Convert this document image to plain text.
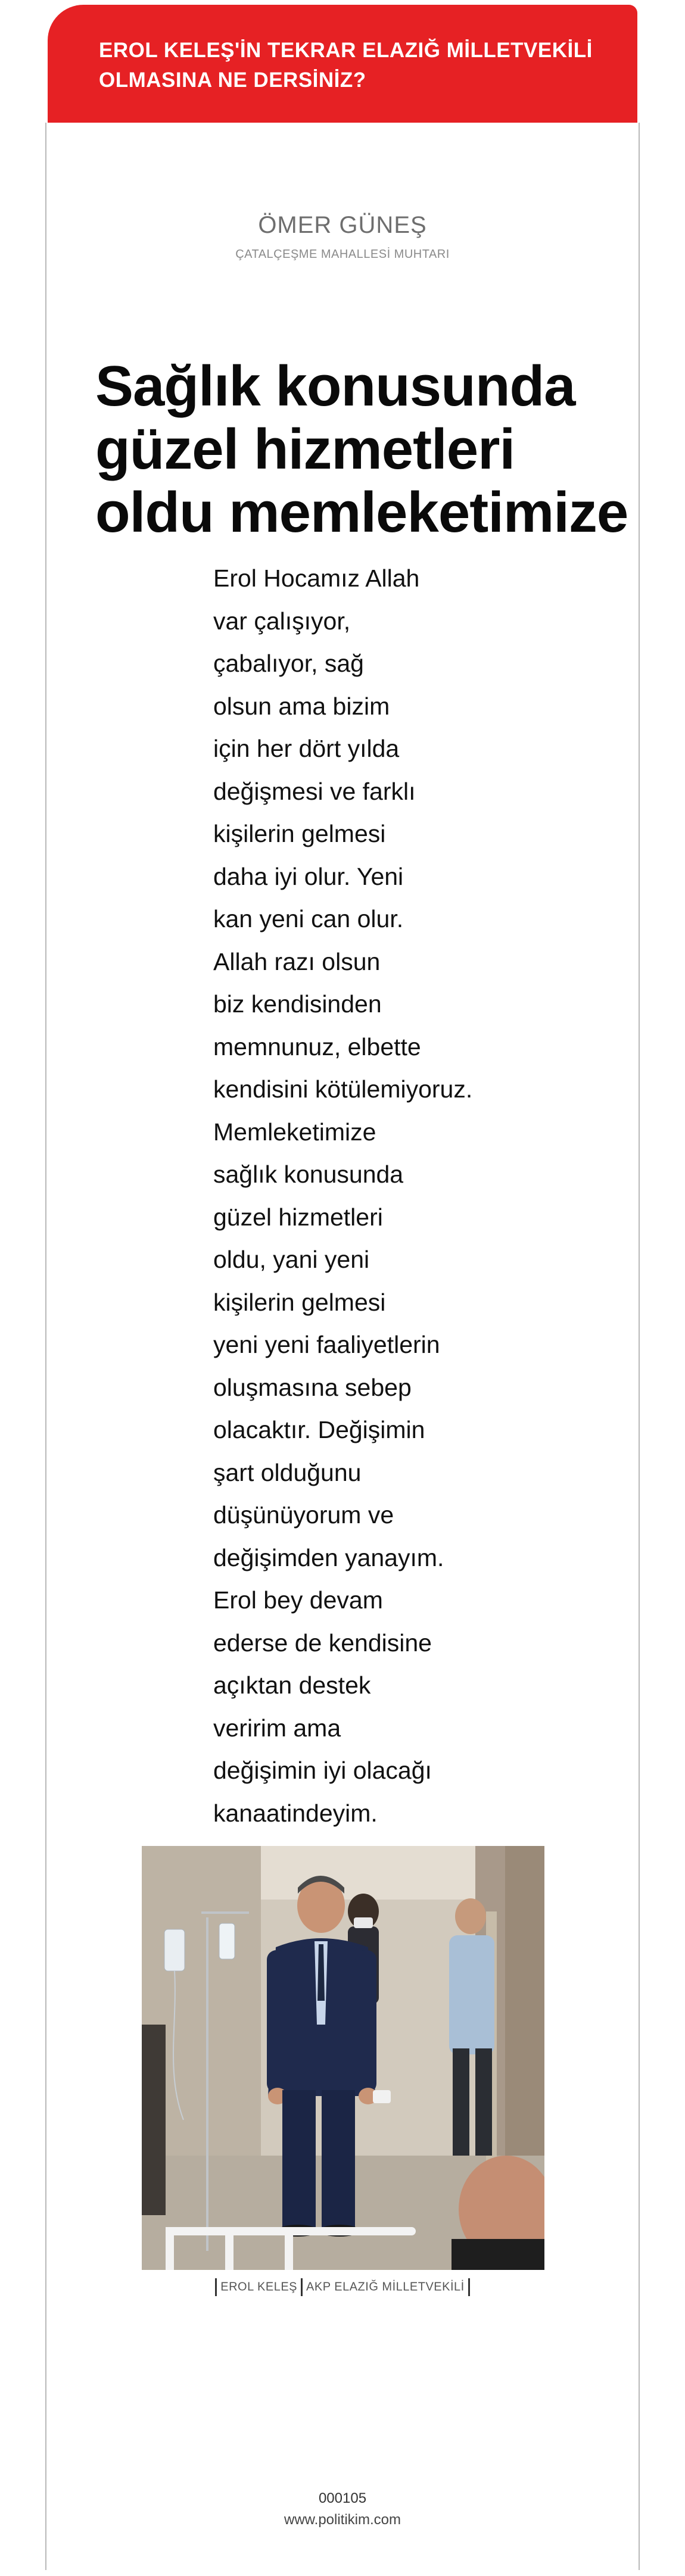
EROL KELEŞ'İN TEKRAR ELAZIĞ MİLLETVEKİLİ
OLMASINA NE DERSİNİZ?
ÖMER GÜNEŞ
ÇATALÇEŞME MAHALLESİ MUHTARI
Sağlık konusunda
güzel hizmetleri
oldu memleketimize
Erol Hocamız Allah
var çalışıyor,
çabalıyor, sağ
olsun ama bizim
için her dört yılda
değişmesi ve farklı
kişilerin gelmesi
daha iyi olur. Yeni
kan yeni can olur.
Allah razı olsun
biz kendisinden
memnunuz, elbette
kendisini kötülemiyoruz.
Memleketimize
sağlık konusunda
güzel hizmetleri
oldu, yani yeni
kişilerin gelmesi
yeni yeni faaliyetlerin
oluşmasına sebep
olacaktır. Değişimin
şart olduğunu
düşünüyorum ve
değişimden yanayım.
Erol bey devam
ederse de kendisine
açıktan destek
veririm ama
değişimin iyi olacağı
kanaatindeyim.
EROL KELEŞ AKP ELAZIĞ MİLLETVEKİLİ
000105
www.politikim.com
